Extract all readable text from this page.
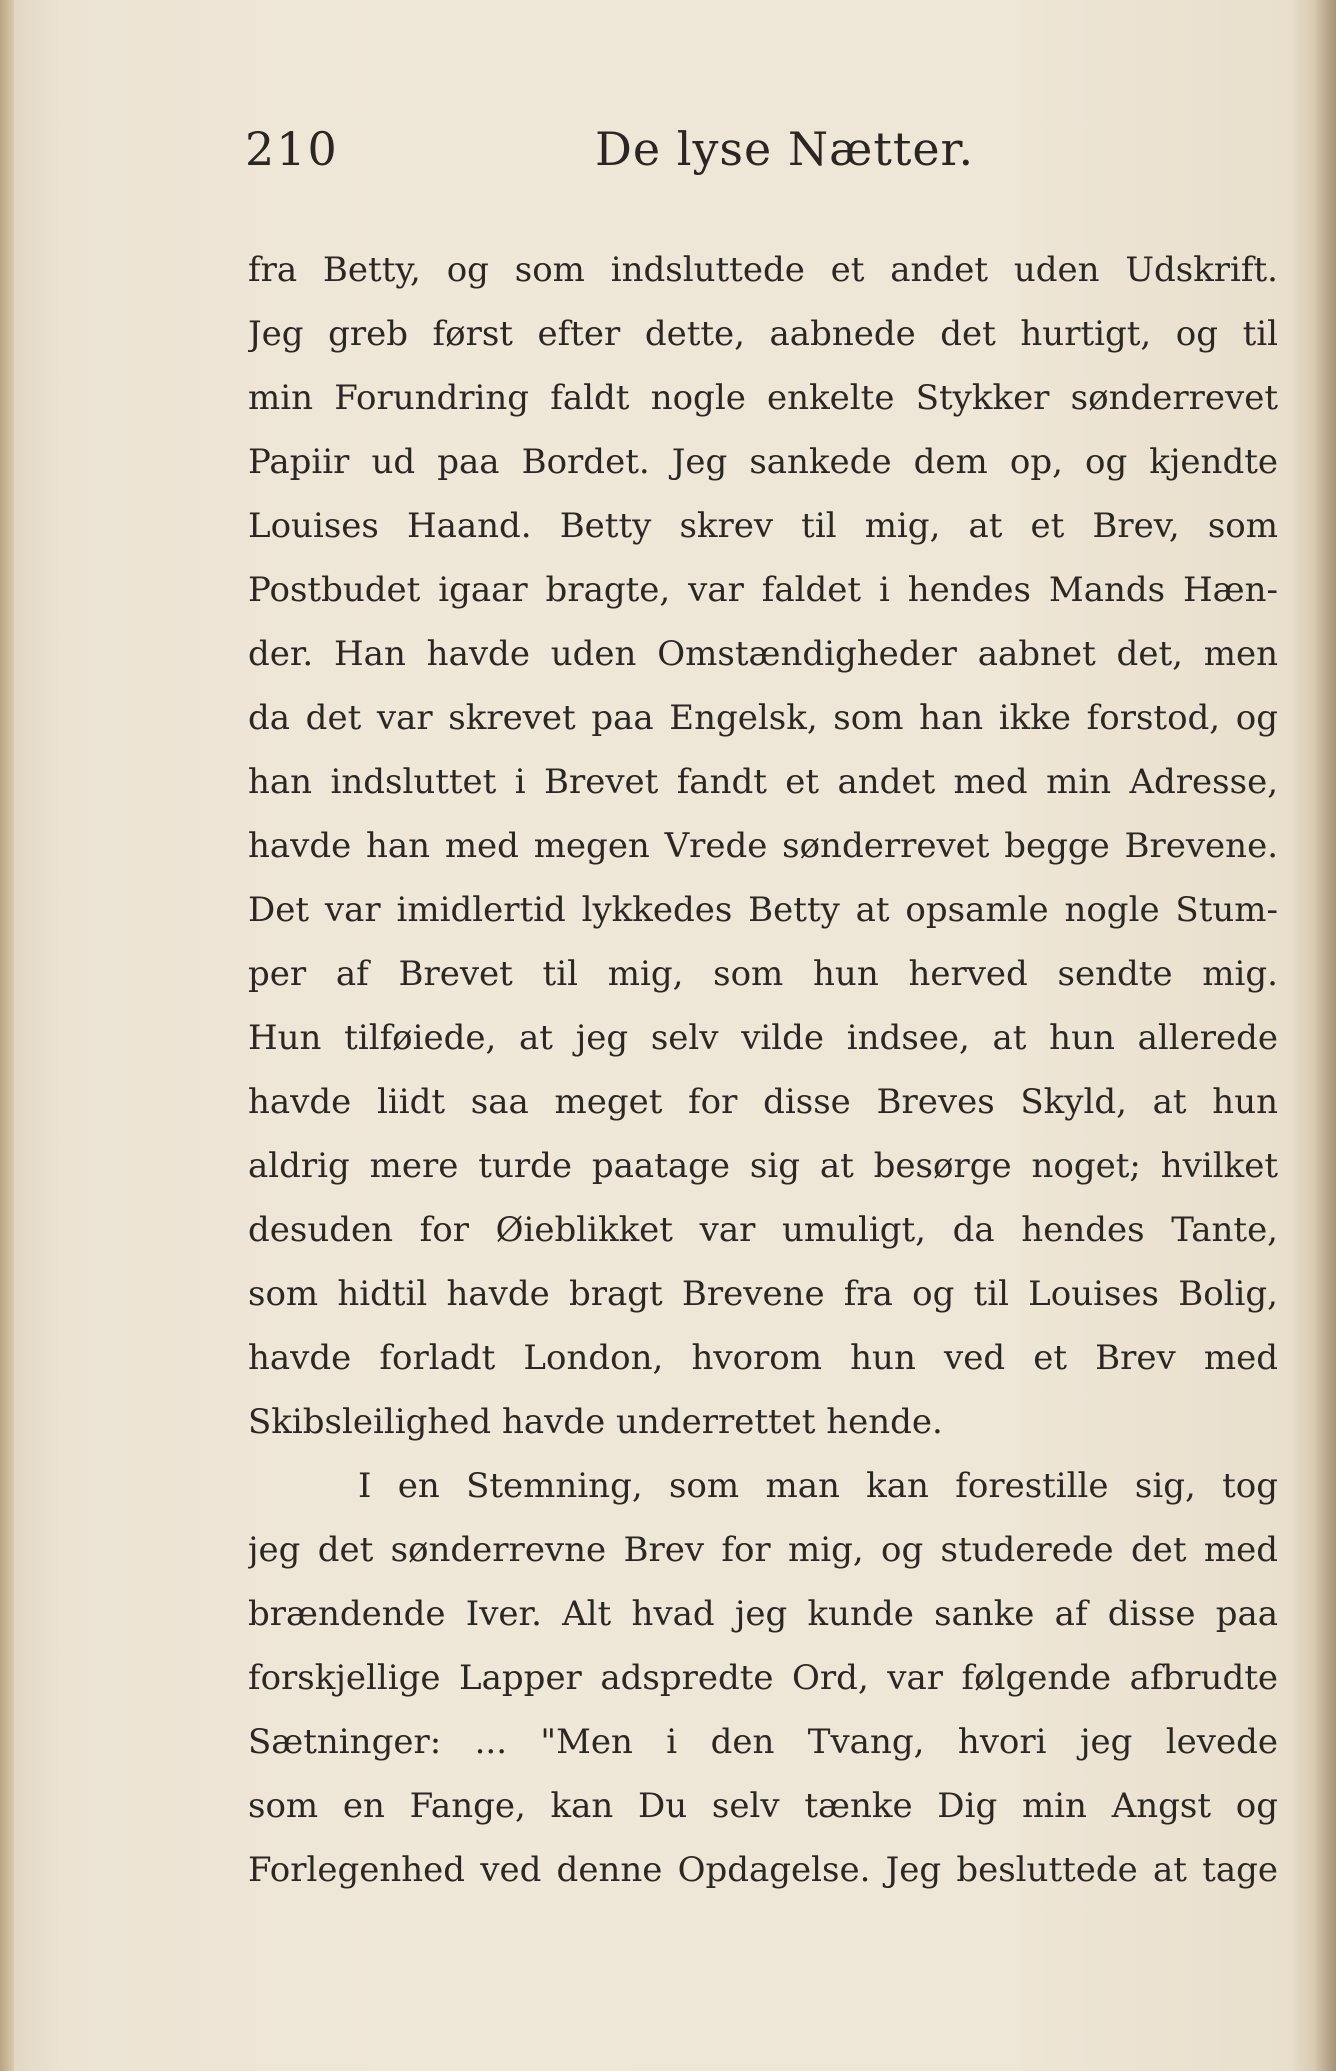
210	De lyse Nætter.
fra Betty, og som indsluttede et andet uden Udskrift.
Jeg greb først efter dette, aabnede det hurtigt, og til
min Forundring faldt nogle enkelte Stykker sønderrevet
Papiir ud paa Bordet. Jeg sankede dem op, og kjendte
Louises Haand. Betty skrev til mig, at et Brev, som
Postbudet igaar bragte, var faldet i hendes Mands Hæn-
der. Han havde uden Omstændigheder aabnet det, men
da det var skrevet paa Engelsk, som han ikke forstod, og
han indsluttet i Brevet fandt et andet med min Adresse,
havde han med megen Vrede sønderrevet begge Brevene.
Det var imidlertid lykkedes Betty at opsamle nogle Stum-
per af Brevet til mig, som hun herved sendte mig.
Hun tilføiede, at jeg selv vilde indsee, at hun allerede
havde liidt saa meget for disse Breves Skyld, at hun
aldrig mere turde paatage sig at besørge noget; hvilket
desuden for Øieblikket var umuligt, da hendes Tante,
som hidtil havde bragt Brevene fra og til Louises Bolig,
havde forladt London, hvorom hun ved et Brev med
Skibsleilighed havde underrettet hende.
I en Stemning, som man kan forestille sig, tog
jeg det sønderrevne Brev for mig, og studerede det med
brændende Iver. Alt hvad jeg kunde sanke af disse paa
forskjellige Lapper adspredte Ord, var følgende afbrudte
Sætninger: ... "Men i den Tvang, hvori jeg levede
som en Fange, kan Du selv tænke Dig min Angst og
Forlegenhed ved denne Opdagelse. Jeg besluttede at tage
